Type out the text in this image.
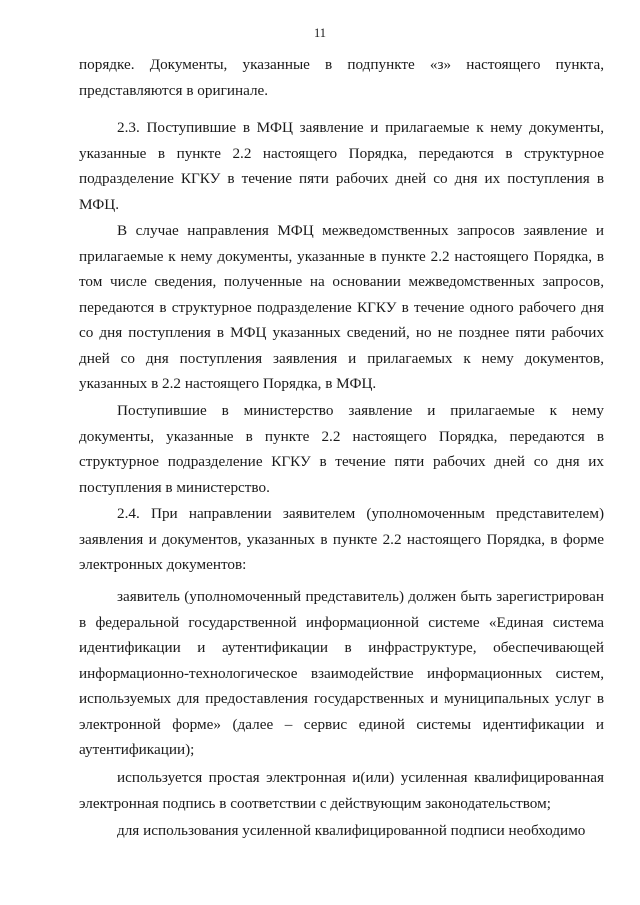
11

порядке. Документы, указанные в подпункте «з» настоящего пункта, представляются в оригинале.

2.3. Поступившие в МФЦ заявление и прилагаемые к нему документы, указанные в пункте 2.2 настоящего Порядка, передаются в структурное подразделение КГКУ в течение пяти рабочих дней со дня их поступления в МФЦ.

В случае направления МФЦ межведомственных запросов заявление и прилагаемые к нему документы, указанные в пункте 2.2 настоящего Порядка, в том числе сведения, полученные на основании межведомственных запросов, передаются в структурное подразделение КГКУ в течение одного рабочего дня со дня поступления в МФЦ указанных сведений, но не позднее пяти рабочих дней со дня поступления заявления и прилагаемых к нему документов, указанных в 2.2 настоящего Порядка, в МФЦ.

Поступившие в министерство заявление и прилагаемые к нему документы, указанные в пункте 2.2 настоящего Порядка, передаются в структурное подразделение КГКУ в течение пяти рабочих дней со дня их поступления в министерство.

2.4. При направлении заявителем (уполномоченным представителем) заявления и документов, указанных в пункте 2.2 настоящего Порядка, в форме электронных документов:

заявитель (уполномоченный представитель) должен быть зарегистрирован в федеральной государственной информационной системе «Единая система идентификации и аутентификации в инфраструктуре, обеспечивающей информационно-технологическое взаимодействие информационных систем, используемых для предоставления государственных и муниципальных услуг в электронной форме» (далее – сервис единой системы идентификации и аутентификации);

используется простая электронная и(или) усиленная квалифицированная электронная подпись в соответствии с действующим законодательством;

для использования усиленной квалифицированной подписи необходимо
